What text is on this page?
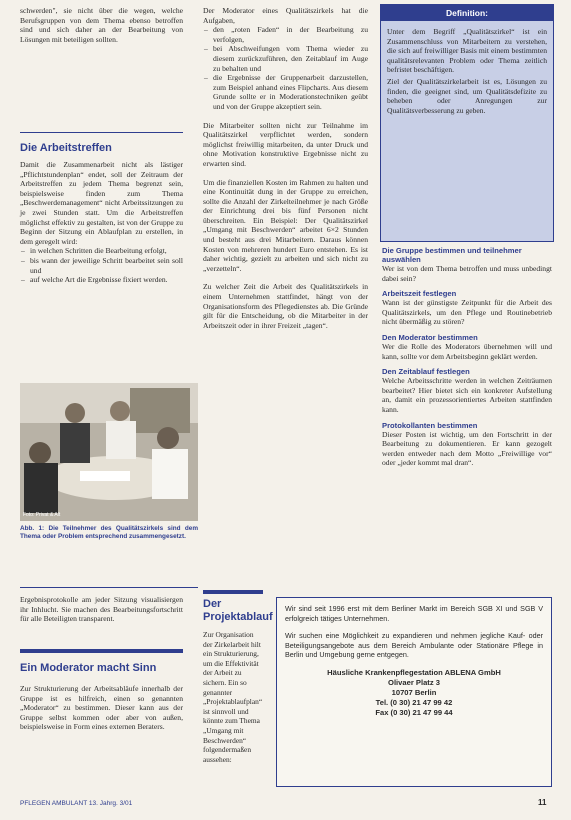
schwerden", sie nicht über die wegen, welche Berufsgruppen von dem Thema ebenso betroffen sind und sich daher an der Bearbeitung von Lösungen mit beteiligen sollten.

Die Arbeitstreffen

Damit die Zusammenarbeit nicht als lästiger „Pflichtstundenplan“ endet, soll der Zeitraum der Arbeitstreffen zu jedem Thema begrenzt sein, beispielsweise finden zum Thema „Beschwerdemanagement“ nicht Arbeitssitzungen zu je zwei Stunden statt. Um die Arbeitstreffen möglichst effektiv zu gestalten, ist von der Gruppe zu Beginn der Sitzung ein Ablaufplan zu erstellen, in dem geregelt wird:

– in welchen Schritten die Bearbeitung erfolgt,
– bis wann der jeweilige Schritt bearbeitet sein soll und
– auf welche Art die Ergebnisse fixiert werden.
Foto: Privat & Alt

Abb. 1: Die Teilnehmer des Qualitätszirkels sind dem Thema oder Problem entsprechend zusammengesetzt.

Ergebnisprotokolle am jeder Sitzung visualisiergen ihr Inhlucht. Sie machen des Bearbeitungsfortschritt für alle Beteiligten transparent.

Ein Moderator macht Sinn

Zur Strukturierung der Arbeitsabläufe innerhalb der Gruppe ist es hilfreich, einen so genannten „Moderator“ zu bestimmen. Dieser kann aus der Gruppe selbst kommen oder aber von außen, beispielsweise in Form eines externen Beraters.

Der Moderator eines Qualitätszirkels hat die Aufgaben,

– den „roten Faden“ in der Bearbeitung zu verfolgen,
– bei Abschweifungen vom Thema wieder zu diesem zurückzuführen, den Zeitablauf im Auge zu behalten und
– die Ergebnisse der Gruppenarbeit darzustellen, zum Beispiel anhand eines Flipcharts. Aus diesem Grunde sollte er in Moderationstechniken geübt und von der Gruppe akzeptiert sein.

Die Mitarbeiter sollten nicht zur Teilnahme im Qualitätszirkel verpflichtet werden, sondern möglichst freiwillig mitarbeiten, da unter Druck und ohne Motivation konstruktive Ergebnisse nicht zu erwarten sind.

Um die finanziellen Kosten im Rahmen zu halten und eine Kontinuität dung in der Gruppe zu erreichen, sollte die Anzahl der Zirkelteilnehmer je nach Größe der Einrichtung drei bis fünf Personen nicht überschreiten. Ein Beispiel: Der Qualitätszirkel „Umgang mit Beschwerden“ arbeitet 6×2 Stunden und besteht aus drei Mitarbeitern. Daraus können Kosten von mehreren hundert Euro entstehen. Es ist daher wichtig, gezielt zu arbeiten und sich nicht zu „verzetteln“.

Zu welcher Zeit die Arbeit des Qualitätszirkels in einem Unternehmen stattfindet, hängt von der Organisationsform des Pflegedienstes ab. Die Gründe gilt für die Entscheidung, ob die Mitarbeiter in der Arbeitszeit oder in ihrer Freizeit „tagen“.

Der Projektablauf

Zur Organisation der Zirkelarbeit hilt ein Strukturierung, um die Effektivität der Arbeit zu sichern. Ein so genannter „Projektablaufplan“ ist sinnvoll und könnte zum Thema „Umgang mit Beschwerden“ folgendermaßen aussehen:

Definition:

Unter dem Begriff „Qualitätszirkel“ ist ein Zusammenschluss von Mitarbeitern zu verstehen, die sich auf freiwilliger Basis mit einem bestimmten qualitätsrelevanten Problem oder Thema zeitlich befristet beschäftigen.

Ziel der Qualitätszirkelarbeit ist es, Lösungen zu finden, die geeignet sind, um Qualitätsdefizite zu beheben oder Anregungen zur Qualitätsverbesserung zu geben.

Die Gruppe bestimmen und teilnehmer auswählen

Wer ist von dem Thema betroffen und muss unbedingt dabei sein?

Arbeitszeit festlegen

Wann ist der günstigste Zeitpunkt für die Arbeit des Qualitätszirkels, um den Pflege und Routinebetrieb nicht übermäßig zu stören?

Den Moderator bestimmen

Wer die Rolle des Moderators übernehmen will und kann, sollte vor dem Arbeitsbeginn geklärt werden.

Den Zeitablauf festlegen

Welche Arbeitsschritte werden in welchen Zeiträumen bearbeitet? Hier bietet sich ein konkreter Aufstellung an, damit ein prozessorientiertes Arbeiten stattfinden kann.

Protokollanten bestimmen

Dieser Posten ist wichtig, um den Fortschritt in der Bearbeitung zu dokumentieren. Er kann gezogelt werden entweder nach dem Motto „Freiwillige vor“ oder „jeder kommt mal dran“.

Wir sind seit 1996 erst mit dem Berliner Markt im Bereich SGB XI und SGB V erfolgreich tätiges Unternehmen.

Wir suchen eine Möglichkeit zu expandieren und nehmen jegliche Kauf- oder Beteiligungsangebote aus dem Bereich Ambulante oder Stationäre Pflege in Berlin und Umgebung gerne entgegen.

Häusliche Krankenpflegestation ABLENA GmbH
Olivaer Platz 3
10707 Berlin
Tel. (0 30) 21 47 99 42
Fax (0 30) 21 47 99 44
PFLEGEN AMBULANT 13. Jahrg. 3/01	11
